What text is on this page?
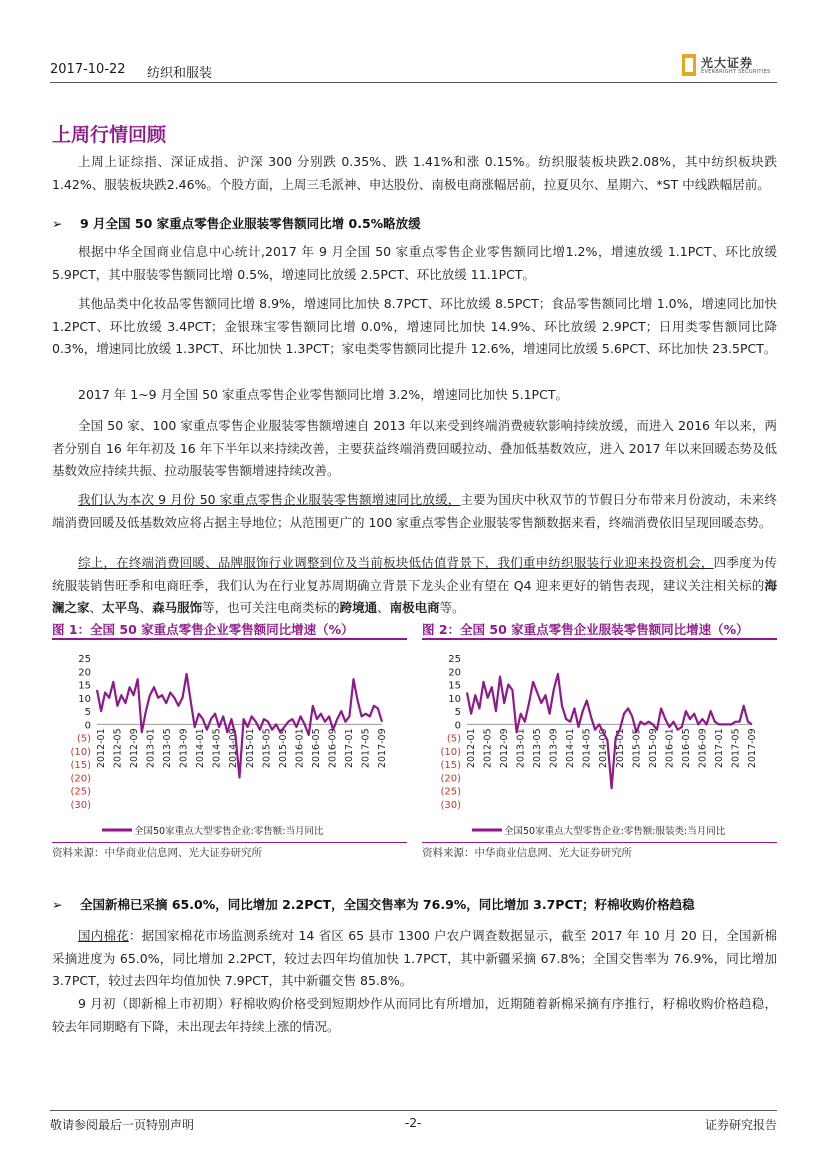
2017-10-22 纺织和服装
光大证券
EVERBRIGHT SECURITIES
上周行情回顾
上周上证综指、深证成指、沪深 300 分别跌 0.35%、跌 1.41%和涨 0.15%。纺织服装板块跌2.08%，其中纺织板块跌1.42%、服装板块跌2.46%。个股方面，上周三毛派神、申达股份、南极电商涨幅居前，拉夏贝尔、星期六、*ST 中线跌幅居前。
➢ 9 月全国 50 家重点零售企业服装零售额同比增 0.5%略放缓
根据中华全国商业信息中心统计,2017 年 9 月全国 50 家重点零售企业零售额同比增1.2%，增速放缓 1.1PCT、环比放缓 5.9PCT，其中服装零售额同比增 0.5%，增速同比放缓 2.5PCT、环比放缓 11.1PCT。
其他品类中化妆品零售额同比增 8.9%，增速同比加快 8.7PCT、环比放缓 8.5PCT；食品零售额同比增 1.0%，增速同比加快 1.2PCT、环比放缓 3.4PCT；金银珠宝零售额同比增 0.0%，增速同比加快 14.9%、环比放缓 2.9PCT；日用类零售额同比降 0.3%，增速同比放缓 1.3PCT、环比加快 1.3PCT；家电类零售额同比提升 12.6%，增速同比放缓 5.6PCT、环比加快 23.5PCT。
2017 年 1~9 月全国 50 家重点零售企业零售额同比增 3.2%，增速同比加快 5.1PCT。
全国 50 家、100 家重点零售企业服装零售额增速自 2013 年以来受到终端消费疲软影响持续放缓，而进入 2016 年以来，两者分别自 16 年年初及 16 年下半年以来持续改善，主要获益终端消费回暖拉动、叠加低基数效应，进入 2017 年以来回暖态势及低基数效应持续共振、拉动服装零售额增速持续改善。
我们认为本次 9 月份 50 家重点零售企业服装零售额增速同比放缓，主要为国庆中秋双节的节假日分布带来月份波动，未来终端消费回暖及低基数效应将占据主导地位；从范围更广的 100 家重点零售企业服装零售额数据来看，终端消费依旧呈现回暖态势。
综上，在终端消费回暖、品牌服饰行业调整到位及当前板块低估值背景下，我们重申纺织服装行业迎来投资机会，四季度为传统服装销售旺季和电商旺季，我们认为在行业复苏周期确立背景下龙头企业有望在 Q4 迎来更好的销售表现，建议关注相关标的海澜之家、太平鸟、森马服饰等，也可关注电商类标的跨境通、南极电商等。
图 1：全国 50 家重点零售企业零售额同比增速（%）
25
20
15
10
5
0
(5)
(10)
(15)
(20)
(25)
(30)
2012-01 2012-05 2012-09 2013-01 2013-05 2013-09 2014-01 2014-05 2014-09 2015-01 2015-05 2015-09 2016-01 2016-05 2016-09 2017-01 2017-05 2017-09
全国50家重点大型零售企业:零售额:当月同比
资料来源：中华商业信息网、光大证券研究所
图 2：全国 50 家重点零售企业服装零售额同比增速（%）
25
20
15
10
5
0
(5)
(10)
(15)
(20)
(25)
(30)
2012-01 2012-05 2012-09 2013-01 2013-05 2013-09 2014-01 2014-05 2014-09 2015-01 2015-05 2015-09 2016-01 2016-05 2016-09 2017-01 2017-05 2017-09
全国50家重点大型零售企业:零售额:服装类:当月同比
资料来源：中华商业信息网、光大证券研究所
➢ 全国新棉已采摘 65.0%，同比增加 2.2PCT，全国交售率为 76.9%，同比增加 3.7PCT；籽棉收购价格趋稳
国内棉花：据国家棉花市场监测系统对 14 省区 65 县市 1300 户农户调查数据显示，截至 2017 年 10 月 20 日，全国新棉采摘进度为 65.0%，同比增加 2.2PCT，较过去四年均值加快 1.7PCT，其中新疆采摘 67.8%；全国交售率为 76.9%，同比增加 3.7PCT，较过去四年均值加快 7.9PCT，其中新疆交售 85.8%。
9 月初（即新棉上市初期）籽棉收购价格受到短期炒作从而同比有所增加，近期随着新棉采摘有序推行，籽棉收购价格趋稳，较去年同期略有下降，未出现去年持续上涨的情况。
敬请参阅最后一页特别声明	-2-	证券研究报告
